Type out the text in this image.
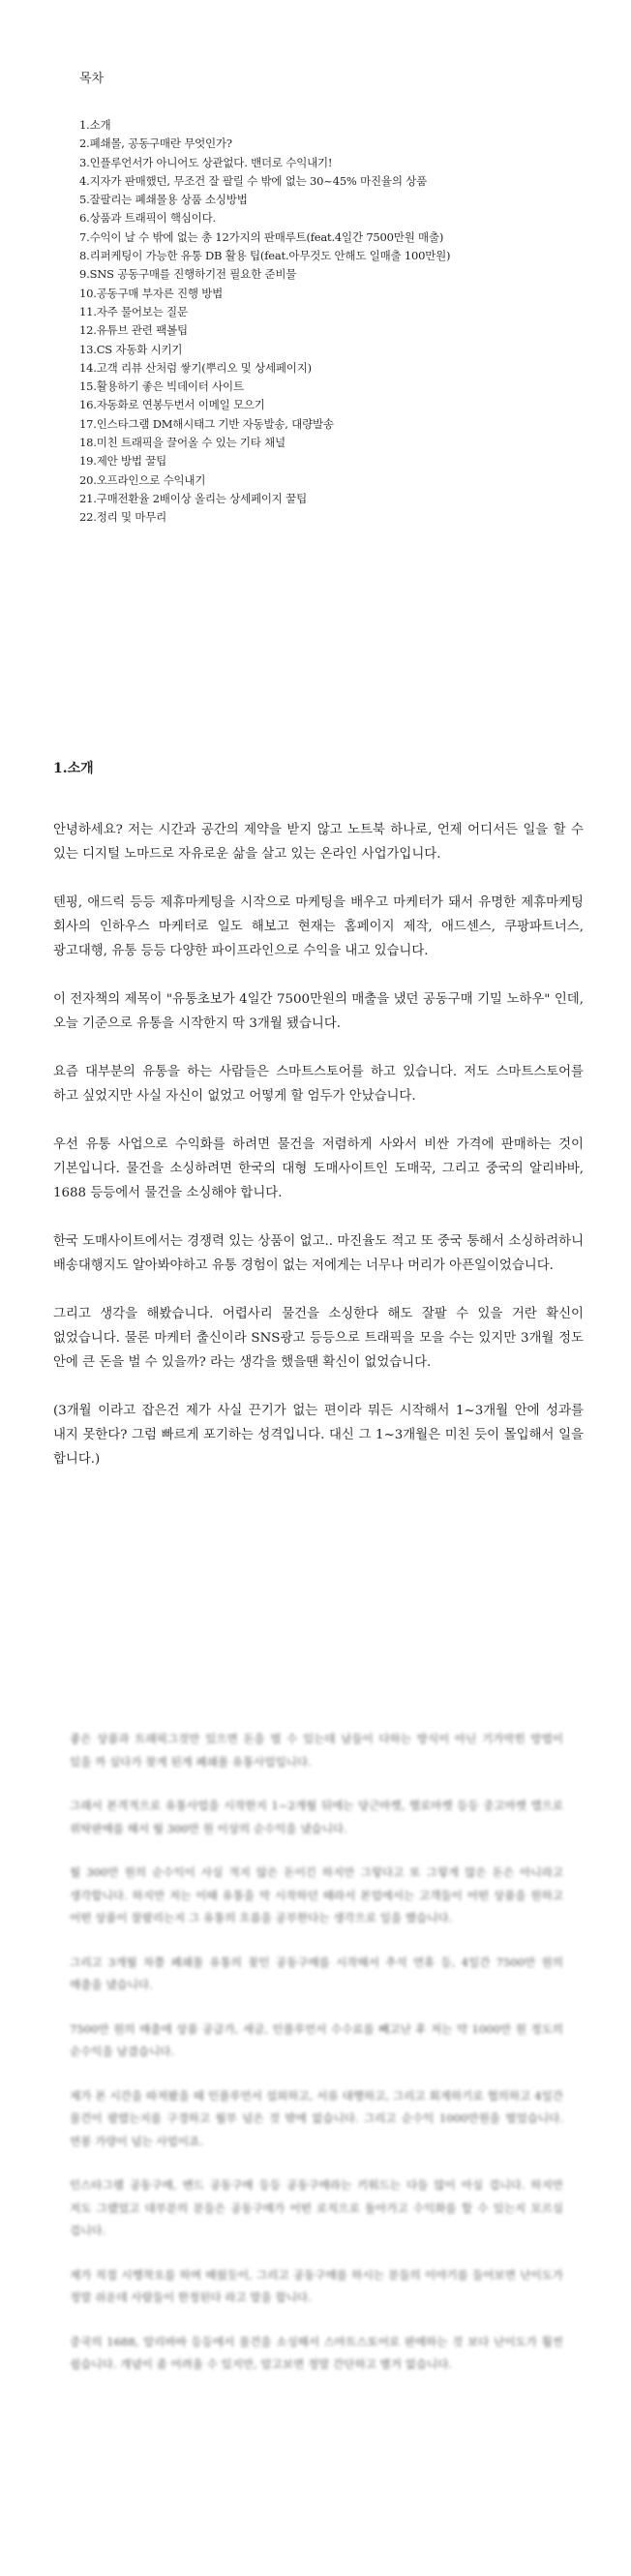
목차
1.소개
2.폐쇄몰, 공동구매란 무엇인가?
3.인플루언서가 아니어도 상관없다. 밴더로 수익내기!
4.지자가 판매했던, 무조건 잘 팔릴 수 밖에 없는 30~45% 마진율의 상품
5.잘팔리는 폐쇄몰용 상품 소싱방법
6.상품과 트래픽이 핵심이다.
7.수익이 날 수 밖에 없는 총 12가지의 판매루트(feat.4일간 7500만원 매출)
8.리퍼케팅이 가능한 유통 DB 활용 팁(feat.아무것도 안해도 일매출 100만원)
9.SNS 공동구매를 진행하기전 필요한 준비물
10.공동구매 부자른 진행 방법
11.자주 물어보는 질문
12.유튜브 관련 팩볼팁
13.CS 자동화 시키기
14.고객 리뷰 산처럼 쌓기(뿌리오 및 상세페이지)
15.활용하기 좋은 빅데이터 사이트
16.자동화로 연봉두번서 이메일 모으기
17.인스타그램 DM해시태그 기반 자동발송, 대량발송
18.미친 트래픽을 끌어올 수 있는 기타 채널
19.제안 방법 꿀팁
20.오프라인으로 수익내기
21.구매전환율 2배이상 올리는 상세페이지 꿀팁
22.정리 및 마무리
1.소개

안녕하세요? 저는 시간과 공간의 제약을 받지 않고 노트북 하나로, 언제 어디서든 일을 할 수 있는 디지털 노마드로 자유로운 삶을 살고 있는 온라인 사업가입니다.

텐핑, 애드릭 등등 제휴마케팅을 시작으로 마케팅을 배우고 마케터가 돼서 유명한 제휴마케팅 회사의 인하우스 마케터로 일도 해보고 현재는 홈페이지 제작, 애드센스, 쿠팡파트너스, 광고대행, 유통 등등 다양한 파이프라인으로 수익을 내고 있습니다.

이 전자책의 제목이 "유통초보가 4일간 7500만원의 매출을 냈던 공동구매 기밀 노하우" 인데, 오늘 기준으로 유통을 시작한지 딱 3개월 됐습니다.

요즘 대부분의 유통을 하는 사람들은 스마트스토어를 하고 있습니다. 저도 스마트스토어를 하고 싶었지만 사실 자신이 없었고 어떻게 할 엄두가 안났습니다.

우선 유통 사업으로 수익화를 하려면 물건을 저렴하게 사와서 비싼 가격에 판매하는 것이 기본입니다. 물건을 소싱하려면 한국의 대형 도매사이트인 도매꾹, 그리고 중국의 알리바바, 1688 등등에서 물건을 소싱해야 합니다.

한국 도매사이트에서는 경쟁력 있는 상품이 없고.. 마진율도 적고 또 중국 통해서 소싱하려하니 배송대행지도 알아봐야하고 유통 경험이 없는 저에게는 너무나 머리가 아픈일이었습니다.

그리고 생각을 해봤습니다. 어렵사리 물건을 소싱한다 해도 잘팔 수 있을 거란 확신이 없었습니다. 물론 마케터 출신이라 SNS광고 등등으로 트래픽을 모을 수는 있지만 3개월 정도 안에 큰 돈을 벌 수 있을까? 라는 생각을 했을땐 확신이 없었습니다.

(3개월 이라고 잡은건 제가 사실 끈기가 없는 편이라 뭐든 시작해서 1~3개월 안에 성과를 내지 못한다? 그럼 빠르게 포기하는 성격입니다. 대신 그 1~3개월은 미친 듯이 몰입해서 일을 합니다.)

좋은 상품과 트래픽그것만 있으면 돈을 벌 수 있는데 남들이 다하는 방식이 아닌 기가막힌 방법이 있을 까 싶다가 찾게 된게 폐쇄몰 유통사업입니다.

그래서 본격적으로 유통사업을 시작한지 1~2개월 뒤에는 당근마켓, 헬로마켓 등등 중고마켓 앱으로 위탁판매를 해서 월 300만 원 이상의 순수익을 냈습니다.

월 300만 원의 순수익이 사실 적지 않은 돈이긴 하지만 그렇다고 또 그렇게 많은 돈은 아니라고 생각합니다. 하지만 저는 이때 유통을 막 시작하던 때라서 본업에서는 고객들이 어떤 상품을 원하고 어떤 상품이 잘팔리는지 그 유통의 흐름을 공부한다는 생각으로 일을 했습니다.

그리고 3개월 차쯤 폐쇄몰 유통의 꽃인 공동구매를 시작해서 추석 연휴 등, 4일간 7500만 원의 매출을 냈습니다.

7500만 원의 매출에 상품 공급가, 세금, 인플루언서 수수료를 빼고난 후 저는 약 1000만 원 정도의 순수익을 남겼습니다.

제가 본 시간을 따져봤을 때 인플루언서 섭외하고, 서류 대행하고, 그리고 회계하기로 협의하고 4일간 물건이 팔렸는지를 구경하고 월부 넘은 것 밖에 없습니다. 그리고 순수익 1000만원을 벌었습니다. 연봉 가량이 넘는 사업이죠.

인스타그램 공동구매, 밴드 공동구매 등등 공동구매라는 키워드는 다들 많이 아실 겁니다. 하지만 저도 그랬었고 대부분의 분들은 공동구매가 어떤 로직으로 돌아가고 수익화를 할 수 있는지 모르실 겁니다.

제가 직접 시행착오를 하며 배웠듯이, 그리고 공동구매를 하시는 분들의 이야기를 들어보면 난이도가 정말 쉬운데 사람들이 한정된다 라고 말을 합니다.

중국의 1688, 알리바바 등등에서 물건을 소싱해서 스마트스토어로 판매하는 것 보다 난이도가 훨씬 쉽습니다. 개념이 좀 어려울 수 있지만, 알고보면 정말 간단하고 별거 없습니다.
